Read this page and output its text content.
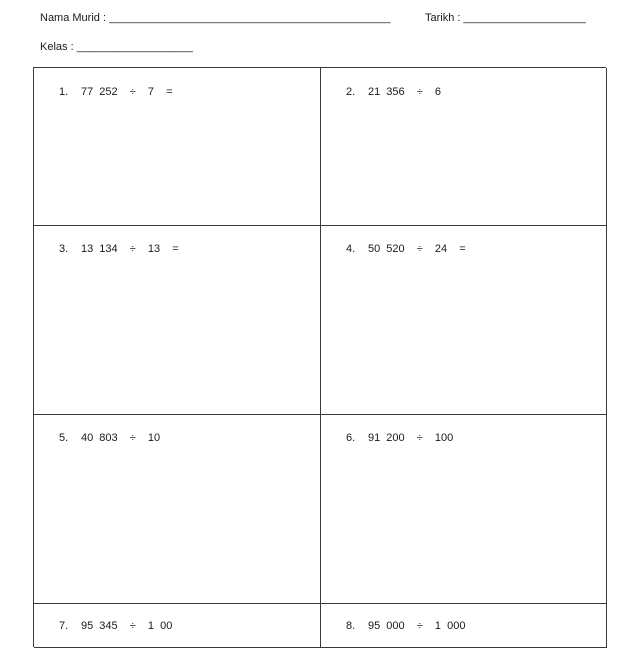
Nama Murid : ______________________________________________	Tarikh : ____________________
Kelas : ___________________
1. 77 252  ÷  7  =	2. 21 356  ÷  6
3. 13 134  ÷  13  =	4. 50 520  ÷  24  =
5. 40 803  ÷  10	6. 91 200  ÷  100
7. 95 345  ÷  1 00	8. 95 000  ÷  1 000
